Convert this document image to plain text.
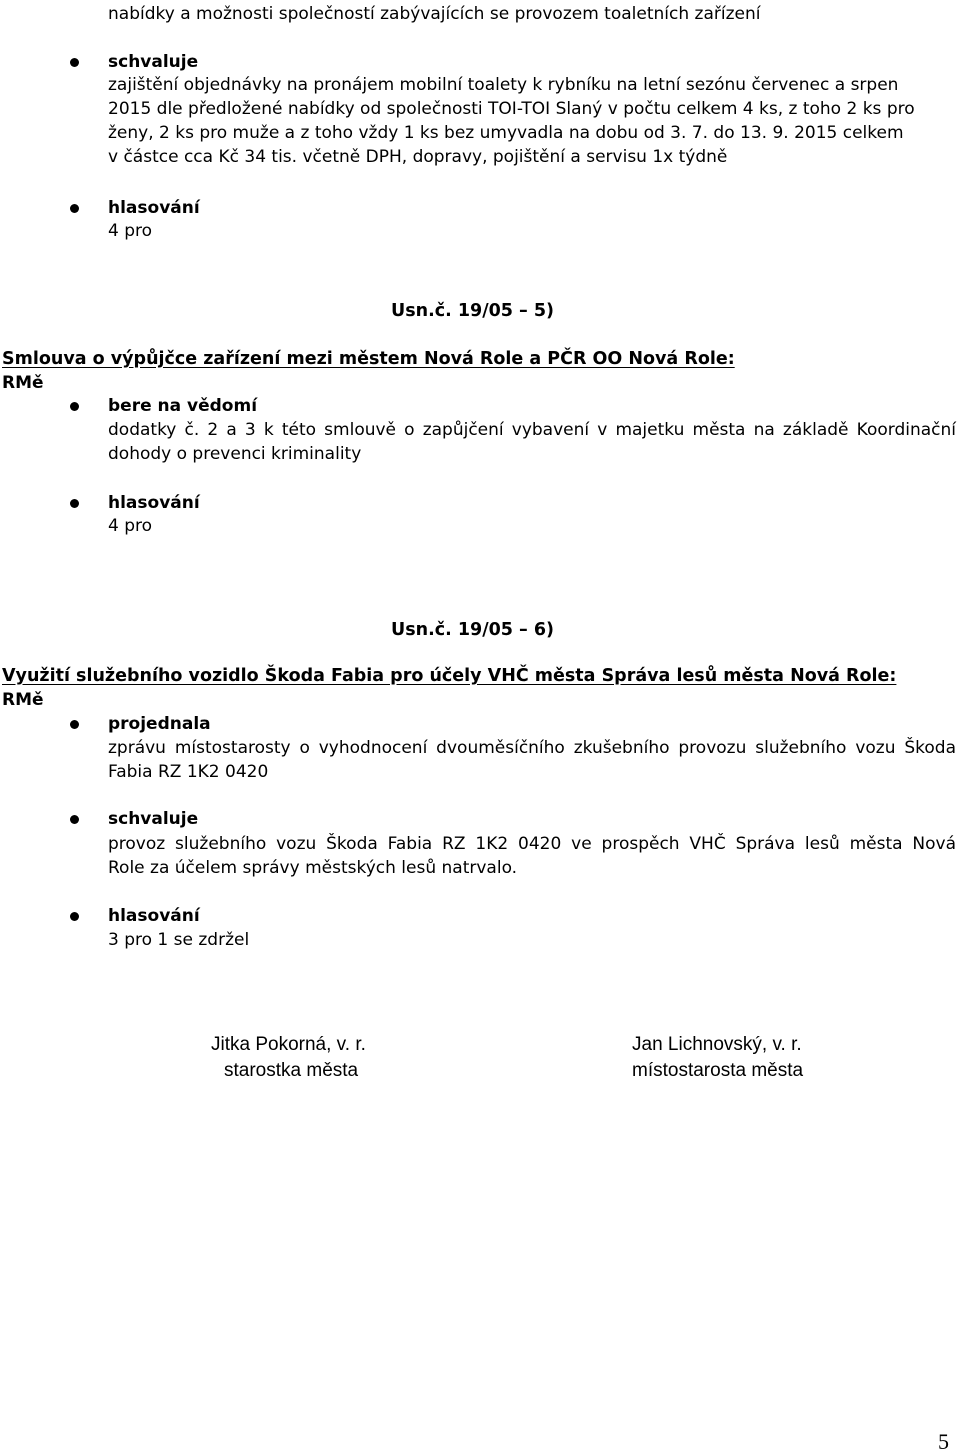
nabídky a možnosti společností zabývajících se provozem toaletních zařízení
schvaluje
zajištění objednávky na pronájem mobilní toalety k rybníku na letní sezónu červenec a srpen
2015 dle předložené nabídky od společnosti TOI-TOI Slaný v počtu celkem 4 ks, z toho 2 ks pro
ženy, 2 ks pro muže a z toho vždy 1 ks bez umyvadla na dobu od 3. 7. do 13. 9. 2015 celkem
v částce cca Kč 34 tis. včetně DPH, dopravy, pojištění a servisu 1x týdně
hlasování
4 pro
Usn.č. 19/05 – 5)
Smlouva o výpůjčce zařízení mezi městem Nová Role a PČR OO Nová Role:
RMě
bere na vědomí
dodatky č. 2 a 3 k této smlouvě o zapůjčení vybavení v majetku města na základě Koordinační
dohody o prevenci kriminality
hlasování
4 pro
Usn.č. 19/05 – 6)
Využití služebního vozidlo Škoda Fabia pro účely VHČ města Správa lesů města Nová Role:
RMě
projednala
zprávu místostarosty o vyhodnocení dvouměsíčního zkušebního provozu služebního vozu Škoda
Fabia RZ 1K2 0420
schvaluje
provoz služebního vozu Škoda Fabia RZ 1K2 0420 ve prospěch VHČ Správa lesů města Nová
Role za účelem správy městských lesů natrvalo.
hlasování
3 pro 1 se zdržel
Jitka Pokorná, v. r.
starostka města
Jan Lichnovský, v. r.
místostarosta města
5
